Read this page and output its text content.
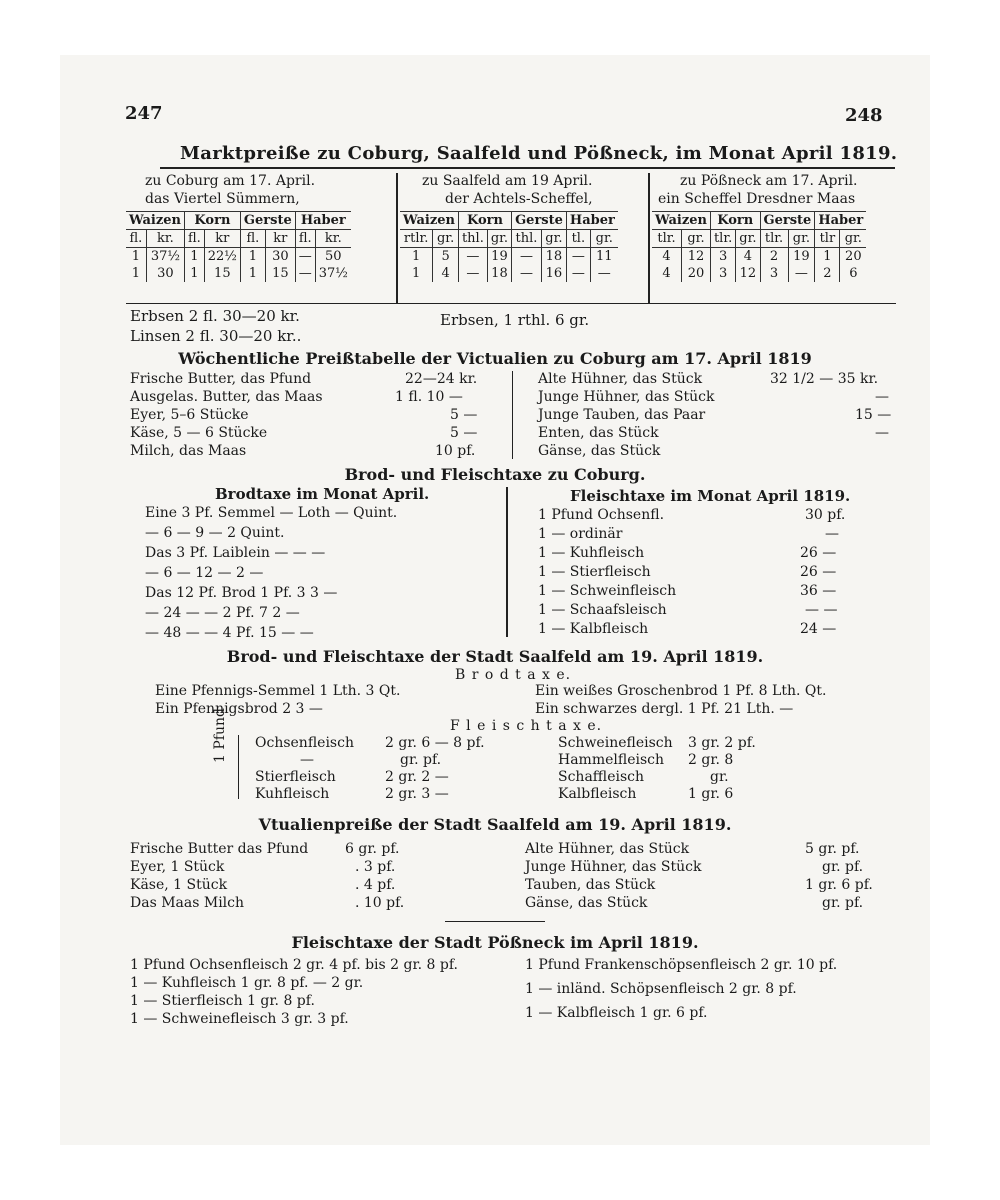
247	248
Marktpreiße zu Coburg, Saalfeld und Pößneck, im Monat April 1819.
zu Coburg am 17. April.
das Viertel Sümmern,
Waizen		Korn		Gerste		Haber	
fl.	kr.	fl.	kr	fl.	kr	fl.	kr.
1	37½	1	22½	1	30	—	50
1	30	1	15	1	15	—	37½
zu Saalfeld am 19 April.
der Achtels-Scheffel,
Waizen		Korn		Gerste		Haber	
rtlr.	gr.	thl.	gr.	thl.	gr.	tl.	gr.
1	5	—	19	—	18	—	11
1	4	—	18	—	16	—	—
zu Pößneck am 17. April.
ein Scheffel Dresdner Maas
Waizen		Korn		Gerste		Haber	
tlr.	gr.	tlr.	gr.	tlr.	gr.	tlr	gr.
4	12	3	4	2	19	1	20
4	20	3	12	3	—	2	6
Erbsen 2 fl. 30—20 kr.
Linsen 2 fl. 30—20 kr..
Erbsen, 1 rthl. 6 gr.
Wöchentliche Preißtabelle der Victualien zu Coburg am 17. April 1819
Frische Butter, das Pfund	22—24 kr.
Ausgelas. Butter, das Maas	1 fl. 10 —
Eyer, 5–6 Stücke	5 —
Käse, 5 — 6 Stücke	5 —
Milch, das Maas	10 pf.
Alte Hühner, das Stück	32 1/2 — 35 kr.
Junge Hühner, das Stück	—
Junge Tauben, das Paar	15 —
Enten, das Stück	—
Gänse, das Stück
Brod- und Fleischtaxe zu Coburg.
Brodtaxe im Monat April.
Eine 3 Pf. Semmel — Loth — Quint.
— 6 — 9 — 2 Quint.
Das 3 Pf. Laiblein — — —
— 6 — 12 — 2 —
Das 12 Pf. Brod 1 Pf. 3 3 —
— 24 — — 2 Pf. 7 2 —
— 48 — — 4 Pf. 15 — —
Fleischtaxe im Monat April 1819.
1 Pfund Ochsenfl.	30 pf.
1 — ordinär	—
1 — Kuhfleisch	26 —
1 — Stierfleisch	26 —
1 — Schweinfleisch	36 —
1 — Schaafsleisch	— —
1 — Kalbfleisch	24 —
Brod- und Fleischtaxe der Stadt Saalfeld am 19. April 1819.
B r o d t a x e.
Eine Pfennigs-Semmel 1 Lth. 3 Qt.
Ein Pfennigsbrod 2 3 —
Ein weißes Groschenbrod 1 Pf. 8 Lth. Qt.
Ein schwarzes dergl. 1 Pf. 21 Lth. —
F l e i s c h t a x e.
1 Pfund Ochsenfleisch 2 gr. 6 — 8 pf.
—	gr. pf.
Stierfleisch	2 gr. 2 —
Kuhfleisch	2 gr. 3 —
Schweinefleisch 3 gr. 2 pf.
Hammelfleisch 2 gr. 8
Schaffleisch	gr.
Kalbfleisch	1 gr. 6
Vtualienpreiße der Stadt Saalfeld am 19. April 1819.
Frische Butter das Pfund	6 gr. pf.
Eyer, 1 Stück	. 3 pf.
Käse, 1 Stück	. 4 pf.
Das Maas Milch	. 10 pf.
Alte Hühner, das Stück	5 gr. pf.
Junge Hühner, das Stück	gr. pf.
Tauben, das Stück	1 gr. 6 pf.
Gänse, das Stück	gr. pf.
Fleischtaxe der Stadt Pößneck im April 1819.
1 Pfund Ochsenfleisch 2 gr. 4 pf. bis 2 gr. 8 pf.
1 — Kuhfleisch 1 gr. 8 pf. — 2 gr.
1 — Stierfleisch 1 gr. 8 pf.
1 — Schweinefleisch 3 gr. 3 pf.
1 Pfund Frankenschöpsenfleisch 2 gr. 10 pf.
1 — inländ. Schöpsenfleisch 2 gr. 8 pf.
1 — Kalbfleisch 1 gr. 6 pf.
